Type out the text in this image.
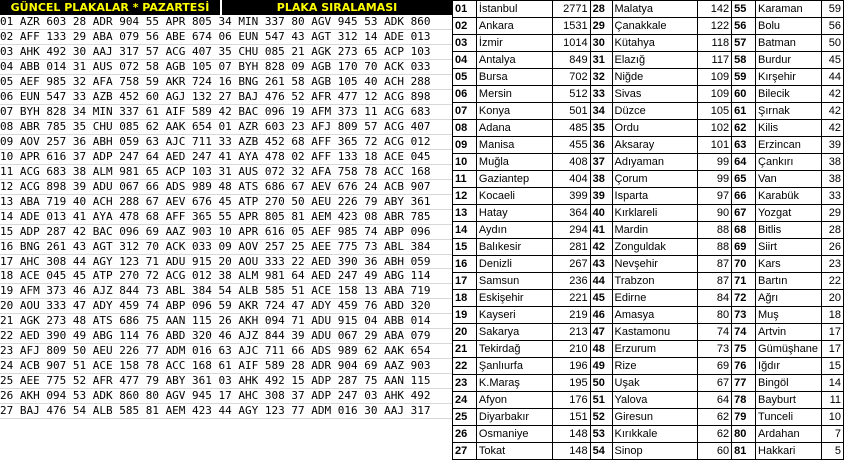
GÜNCEL PLAKALAR * PAZARTESİ	PLAKA SIRALAMASI
01 AZR 603 28 ADR 904 55 APR 805 34 MIN 337 80 AGV 945 53 ADK 860
02 AFF 133 29 ABA 079 56 ABE 674 06 EUN 547 43 AGT 312 14 ADE 013
03 AHK 492 30 AAJ 317 57 ACG 407 35 CHU 085 21 AGK 273 65 ACP 103
04 ABB 014 31 AUS 072 58 AGB 105 07 BYH 828 09 AGB 170 70 ACK 033
05 AEF 985 32 AFA 758 59 AKR 724 16 BNG 261 58 AGB 105 40 ACH 288
06 EUN 547 33 AZB 452 60 AGJ 132 27 BAJ 476 52 AFR 477 12 ACG 898
07 BYH 828 34 MIN 337 61 AIF 589 42 BAC 096 19 AFM 373 11 ACG 683
08 ABR 785 35 CHU 085 62 AAK 654 01 AZR 603 23 AFJ 809 57 ACG 407
09 AOV 257 36 ABH 059 63 AJC 711 33 AZB 452 68 AFF 365 72 ACG 012
10 APR 616 37 ADP 247 64 AED 247 41 AYA 478 02 AFF 133 18 ACE 045
11 ACG 683 38 ALM 981 65 ACP 103 31 AUS 072 32 AFA 758 78 ACC 168
12 ACG 898 39 ADU 067 66 ADS 989 48 ATS 686 67 AEV 676 24 ACB 907
13 ABA 719 40 ACH 288 67 AEV 676 45 ATP 270 50 AEU 226 79 ABY 361
14 ADE 013 41 AYA 478 68 AFF 365 55 APR 805 81 AEM 423 08 ABR 785
15 ADP 287 42 BAC 096 69 AAZ 903 10 APR 616 05 AEF 985 74 ABP 096
16 BNG 261 43 AGT 312 70 ACK 033 09 AOV 257 25 AEE 775 73 ABL 384
17 AHC 308 44 AGY 123 71 ADU 915 20 AOU 333 22 AED 390 36 ABH 059
18 ACE 045 45 ATP 270 72 ACG 012 38 ALM 981 64 AED 247 49 ABG 114
19 AFM 373 46 AJZ 844 73 ABL 384 54 ALB 585 51 ACE 158 13 ABA 719
20 AOU 333 47 ADY 459 74 ABP 096 59 AKR 724 47 ADY 459 76 ABD 320
21 AGK 273 48 ATS 686 75 AAN 115 26 AKH 094 71 ADU 915 04 ABB 014
22 AED 390 49 ABG 114 76 ABD 320 46 AJZ 844 39 ADU 067 29 ABA 079
23 AFJ 809 50 AEU 226 77 ADM 016 63 AJC 711 66 ADS 989 62 AAK 654
24 ACB 907 51 ACE 158 78 ACC 168 61 AIF 589 28 ADR 904 69 AAZ 903
25 AEE 775 52 AFR 477 79 ABY 361 03 AHK 492 15 ADP 287 75 AAN 115
26 AKH 094 53 ADK 860 80 AGV 945 17 AHC 308 37 ADP 247 03 AHK 492
27 BAJ 476 54 ALB 585 81 AEM 423 44 AGY 123 77 ADM 016 30 AAJ 317
01	İstanbul	2771	28	Malatya	142	55	Karaman	59
02	Ankara	1531	29	Çanakkale	122	56	Bolu	56
03	İzmir	1014	30	Kütahya	118	57	Batman	50
04	Antalya	849	31	Elazığ	117	58	Burdur	45
05	Bursa	702	32	Niğde	109	59	Kırşehir	44
06	Mersin	512	33	Sivas	109	60	Bilecik	42
07	Konya	501	34	Düzce	105	61	Şırnak	42
08	Adana	485	35	Ordu	102	62	Kilis	42
09	Manisa	455	36	Aksaray	101	63	Erzincan	39
10	Muğla	408	37	Adıyaman	99	64	Çankırı	38
11	Gaziantep	404	38	Çorum	99	65	Van	38
12	Kocaeli	399	39	Isparta	97	66	Karabük	33
13	Hatay	364	40	Kırklareli	90	67	Yozgat	29
14	Aydın	294	41	Mardin	88	68	Bitlis	28
15	Balıkesir	281	42	Zonguldak	88	69	Siirt	26
16	Denizli	267	43	Nevşehir	87	70	Kars	23
17	Samsun	236	44	Trabzon	87	71	Bartın	22
18	Eskişehir	221	45	Edirne	84	72	Ağrı	20
19	Kayseri	219	46	Amasya	80	73	Muş	18
20	Sakarya	213	47	Kastamonu	74	74	Artvin	17
21	Tekirdağ	210	48	Erzurum	73	75	Gümüşhane	17
22	Şanlıurfa	196	49	Rize	69	76	Iğdır	15
23	K.Maraş	195	50	Uşak	67	77	Bingöl	14
24	Afyon	176	51	Yalova	64	78	Bayburt	11
25	Diyarbakır	151	52	Giresun	62	79	Tunceli	10
26	Osmaniye	148	53	Kırıkkale	62	80	Ardahan	7
27	Tokat	148	54	Sinop	60	81	Hakkari	5
